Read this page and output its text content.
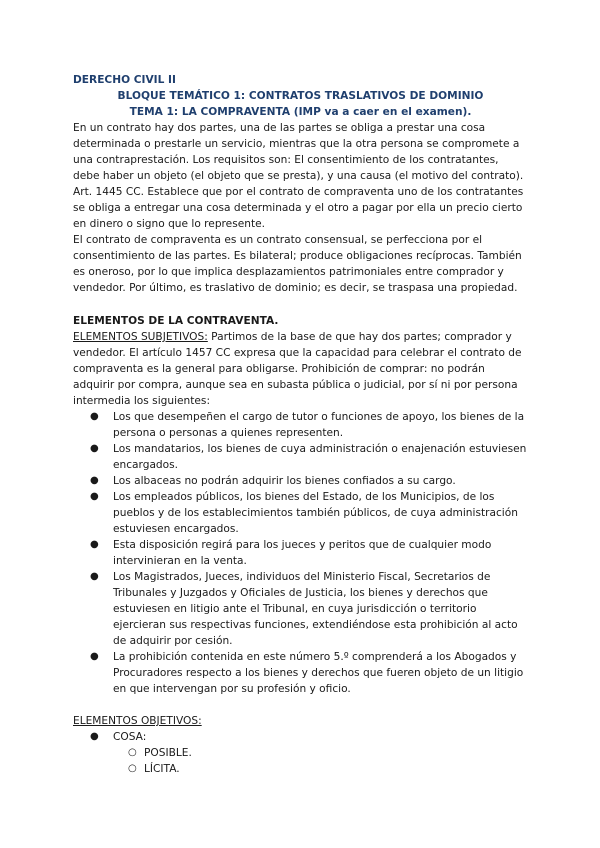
DERECHO CIVIL II
BLOQUE TEMÁTICO 1: CONTRATOS TRASLATIVOS DE DOMINIO
TEMA 1: LA COMPRAVENTA (IMP va a caer en el examen).

En un contrato hay dos partes, una de las partes se obliga a prestar una cosa determinada o prestarle un servicio, mientras que la otra persona se compromete a una contraprestación. Los requisitos son: El consentimiento de los contratantes, debe haber un objeto (el objeto que se presta), y una causa (el motivo del contrato). Art. 1445 CC. Establece que por el contrato de compraventa uno de los contratantes se obliga a entregar una cosa determinada y el otro a pagar por ella un precio cierto en dinero o signo que lo represente.

El contrato de compraventa es un contrato consensual, se perfecciona por el consentimiento de las partes. Es bilateral; produce obligaciones recíprocas. También es oneroso, por lo que implica desplazamientos patrimoniales entre comprador y vendedor. Por último, es traslativo de dominio; es decir, se traspasa una propiedad.

ELEMENTOS DE LA CONTRAVENTA.

ELEMENTOS SUBJETIVOS: Partimos de la base de que hay dos partes; comprador y vendedor. El artículo 1457 CC expresa que la capacidad para celebrar el contrato de compraventa es la general para obligarse. Prohibición de comprar: no podrán adquirir por compra, aunque sea en subasta pública o judicial, por sí ni por persona intermedia los siguientes:

● Los que desempeñen el cargo de tutor o funciones de apoyo, los bienes de la persona o personas a quienes representen.
● Los mandatarios, los bienes de cuya administración o enajenación estuviesen encargados.
● Los albaceas no podrán adquirir los bienes confiados a su cargo.
● Los empleados públicos, los bienes del Estado, de los Municipios, de los pueblos y de los establecimientos también públicos, de cuya administración estuviesen encargados.
● Esta disposición regirá para los jueces y peritos que de cualquier modo intervinieran en la venta.
● Los Magistrados, Jueces, individuos del Ministerio Fiscal, Secretarios de Tribunales y Juzgados y Oficiales de Justicia, los bienes y derechos que estuviesen en litigio ante el Tribunal, en cuya jurisdicción o territorio ejercieran sus respectivas funciones, extendiéndose esta prohibición al acto de adquirir por cesión.
● La prohibición contenida en este número 5.º comprenderá a los Abogados y Procuradores respecto a los bienes y derechos que fueren objeto de un litigio en que intervengan por su profesión y oficio.
ELEMENTOS OBJETIVOS:
● COSA:
○ POSIBLE.
○ LÍCITA.
